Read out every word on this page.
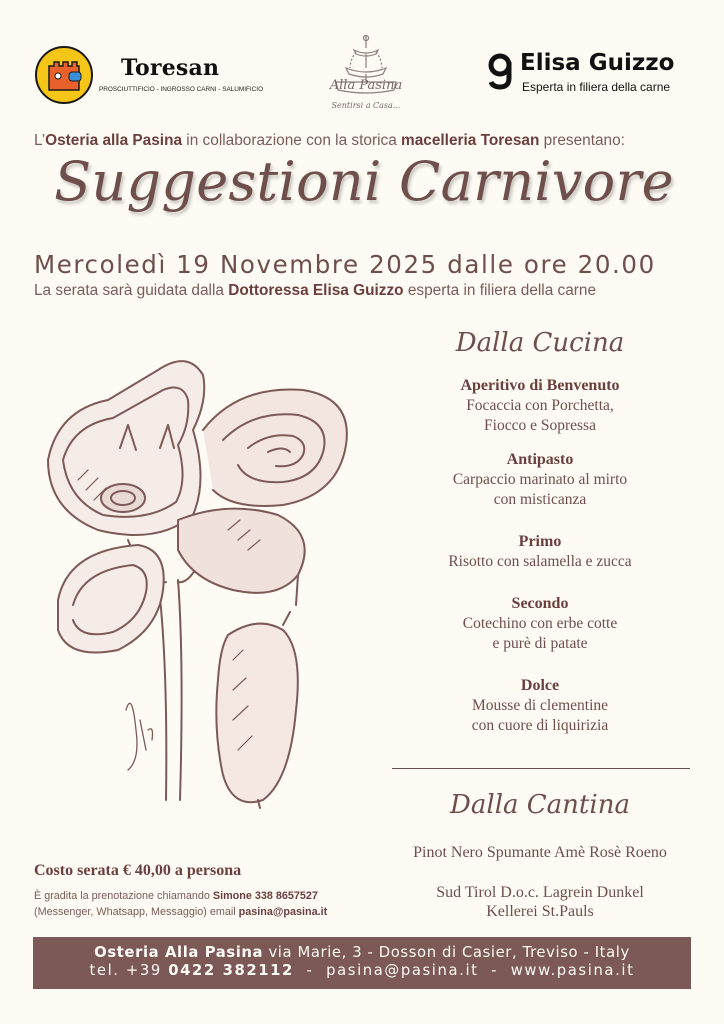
Toresan
PROSCIUTTIFICIO - INGROSSO CARNI - SALUMIFICIO	Alla Pasina
Sentirsi a Casa...
Elisa Guizzo
Esperta in filiera della carne
L’Osteria alla Pasina in collaborazione con la storica macelleria Toresan presentano:
Suggestioni Carnivore
Mercoledì 19 Novembre 2025 dalle ore 20.00
La serata sarà guidata dalla Dottoressa Elisa Guizzo esperta in filiera della carne
Dalla Cucina
Aperitivo di Benvenuto
Focaccia con Porchetta,
Fiocco e Sopressa
Antipasto
Carpaccio marinato al mirto
con misticanza
Primo
Risotto con salamella e zucca
Secondo
Cotechino con erbe cotte
e purè di patate
Dolce
Mousse di clementine
con cuore di liquirizia
Dalla Cantina
Pinot Nero Spumante Amè Rosè Roeno
Sud Tirol D.o.c. Lagrein Dunkel
Kellerei St.Pauls
Costo serata € 40,00 a persona
È gradita la prenotazione chiamando Simone 338 8657527
(Messenger, Whatsapp, Messaggio) email pasina@pasina.it
Osteria Alla Pasina via Marie, 3 - Dosson di Casier, Treviso - Italy
tel. +39 0422 382112  -  pasina@pasina.it  -  www.pasina.it
